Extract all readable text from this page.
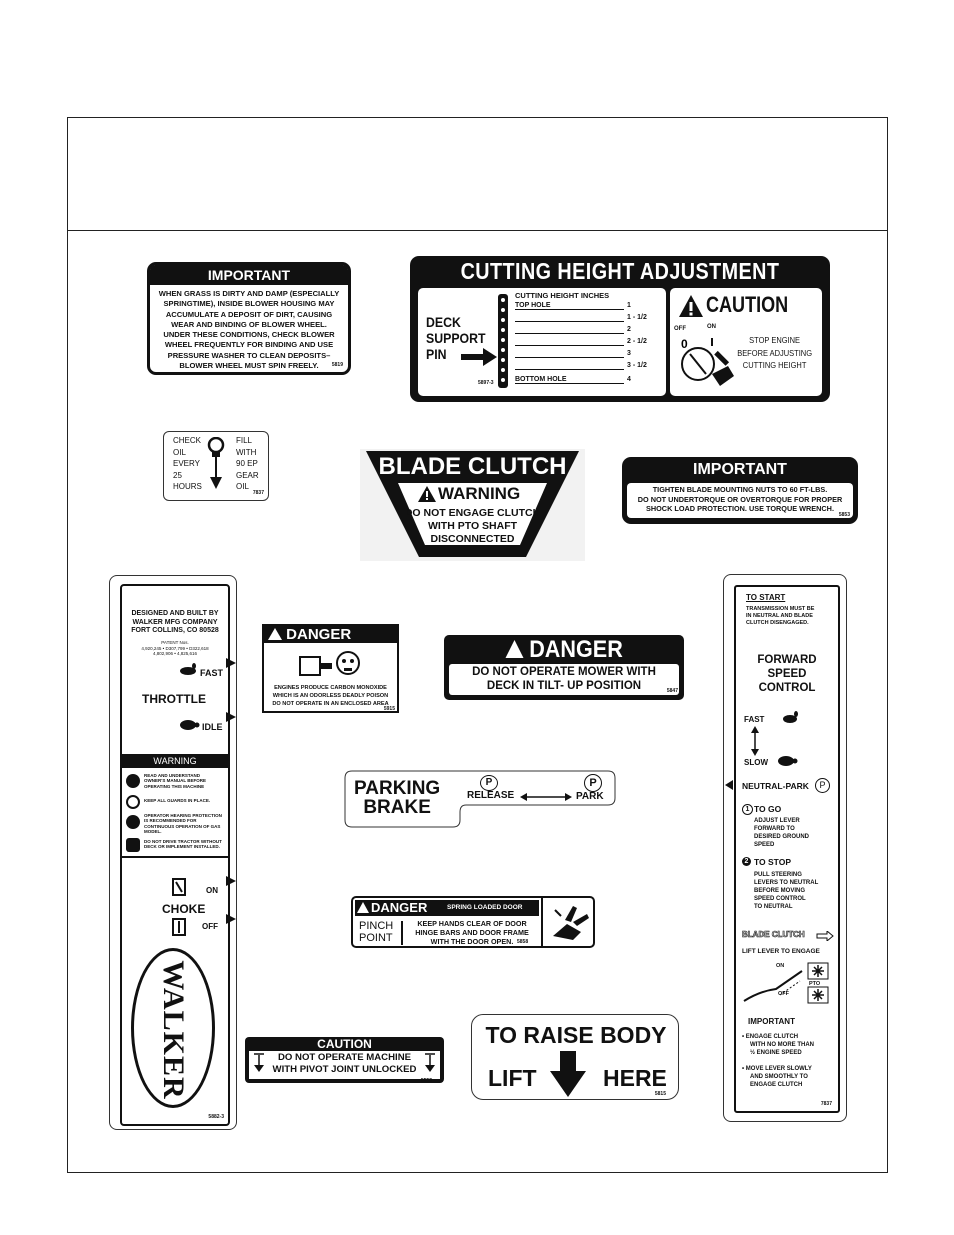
IMPORTANT
WHEN GRASS IS DIRTY AND DAMP (ESPECIALLY
SPRINGTIME), INSIDE BLOWER HOUSING MAY
ACCUMULATE A DEPOSIT OF DIRT, CAUSING
WEAR AND BINDING OF BLOWER WHEEL.
UNDER THESE CONDITIONS, CHECK BLOWER
WHEEL FREQUENTLY FOR BINDING AND USE
PRESSURE WASHER TO CLEAN DEPOSITS–
BLOWER WHEEL MUST SPIN FREELY.	5819
CUTTING HEIGHT ADJUSTMENT
DECK
SUPPORT
PIN
CUTTING HEIGHT INCHES
TOP HOLE	1
1 - 1/2
2
2 - 1/2
3
3 - 1/2
BOTTOM HOLE	4
5897-3
CAUTION
OFF	ON
0	STOP ENGINE
BEFORE ADJUSTING
CUTTING HEIGHT
CHECK
OIL
EVERY
25
HOURS
FILL
WITH
90 EP
GEAR
OIL
7837
BLADE CLUTCH
WARNING
DO NOT ENGAGE CLUTCH
WITH PTO SHAFT
DISCONNECTED
5806
IMPORTANT
TIGHTEN BLADE MOUNTING NUTS TO 60 FT-LBS.
DO NOT UNDERTORQUE OR OVERTORQUE FOR PROPER
SHOCK LOAD PROTECTION. USE TORQUE WRENCH.
5853
DESIGNED AND BUILT BY
WALKER MFG COMPANY
FORT COLLINS, CO 80528
PATENT Nos.
4,920,245 • D307,799 • D322,618
4,802,906 • 4,825,616
FAST
THROTTLE
IDLE
WARNING
READ AND UNDERSTAND OWNER'S MANUAL BEFORE OPERATING THIS MACHINE
KEEP ALL GUARDS IN PLACE.
OPERATOR HEARING PROTECTION IS RECOMMENDED FOR CONTINUOUS OPERATION OF GAS MODEL.
DO NOT DRIVE TRACTOR WITHOUT DECK OR IMPLEMENT INSTALLED.
ON
CHOKE
OFF
WALKER
5882-3
DANGER
ENGINES PRODUCE CARBON MONOXIDE
WHICH IS AN ODORLESS DEADLY POISON
DO NOT OPERATE IN AN ENCLOSED AREA
5915
DANGER
DO NOT OPERATE MOWER WITH
DECK IN TILT- UP POSITION	5847
PARKING
BRAKE
P
RELEASE
P
PARK
DANGER	SPRING LOADED DOOR
PINCH
POINT
KEEP HANDS CLEAR OF DOOR
HINGE BARS AND DOOR FRAME
WITH THE DOOR OPEN. 5858
CAUTION
DO NOT OPERATE MACHINE
WITH PIVOT JOINT UNLOCKED
5553
TO RAISE BODY
LIFT	HERE
5815
TO START
TRANSMISSION MUST BE
IN NEUTRAL AND BLADE
CLUTCH DISENGAGED.
FORWARD
SPEED
CONTROL
FAST
SLOW
NEUTRAL-PARK	P
1 TO GO
ADJUST LEVER
FORWARD TO
DESIRED GROUND
SPEED
2 TO STOP
PULL STEERING
LEVERS TO NEUTRAL
BEFORE MOVING
SPEED CONTROL
TO NEUTRAL
BLADE CLUTCH
LIFT LEVER TO ENGAGE
ON
OFF
PTO
IMPORTANT
• ENGAGE CLUTCH
WITH NO MORE THAN
½ ENGINE SPEED
• MOVE LEVER SLOWLY
AND SMOOTHLY TO
ENGAGE CLUTCH
7837
